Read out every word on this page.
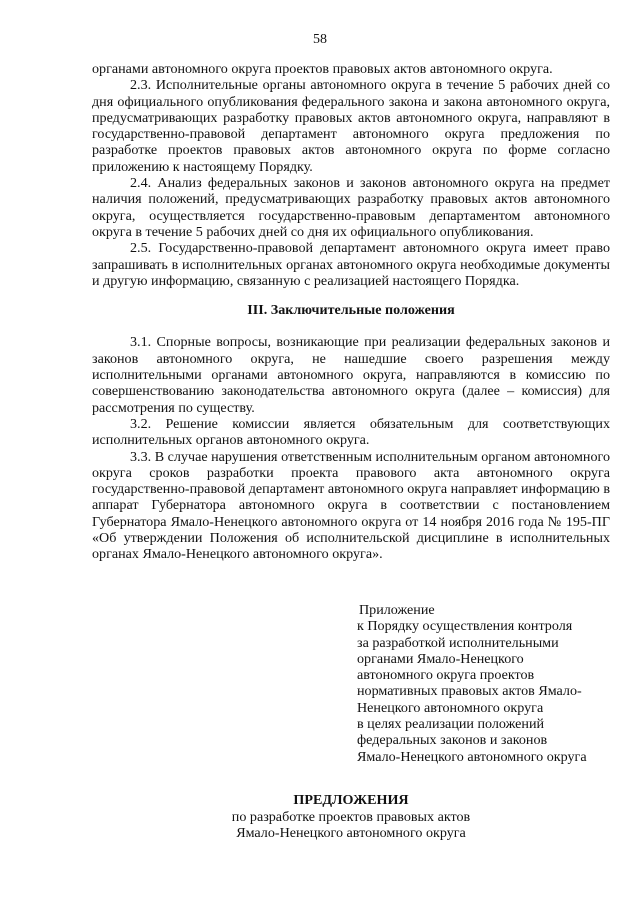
58

органами автономного округа проектов правовых актов автономного округа.

2.3. Исполнительные органы автономного округа в течение 5 рабочих дней со дня официального опубликования федерального закона и закона автономного округа, предусматривающих разработку правовых актов автономного округа, направляют в государственно-правовой департамент автономного округа предложения по разработке проектов правовых актов автономного округа по форме согласно приложению к настоящему Порядку.

2.4. Анализ федеральных законов и законов автономного округа на предмет наличия положений, предусматривающих разработку правовых актов автономного округа, осуществляется государственно-правовым департаментом автономного округа в течение 5 рабочих дней со дня их официального опубликования.

2.5. Государственно-правовой департамент автономного округа имеет право запрашивать в исполнительных органах автономного округа необходимые документы и другую информацию, связанную с реализацией настоящего Порядка.

III. Заключительные положения

3.1. Спорные вопросы, возникающие при реализации федеральных законов и законов автономного округа, не нашедшие своего разрешения между исполнительными органами автономного округа, направляются в комиссию по совершенствованию законодательства автономного округа (далее – комиссия) для рассмотрения по существу.

3.2. Решение комиссии является обязательным для соответствующих исполнительных органов автономного округа.

3.3. В случае нарушения ответственным исполнительным органом автономного округа сроков разработки проекта правового акта автономного округа государственно-правовой департамент автономного округа направляет информацию в аппарат Губернатора автономного округа в соответствии с постановлением Губернатора Ямало-Ненецкого автономного округа от 14 ноября 2016 года № 195-ПГ «Об утверждении Положения об исполнительской дисциплине в исполнительных органах Ямало-Ненецкого автономного округа».

Приложение
к Порядку осуществления контроля
за разработкой исполнительными
органами Ямало-Ненецкого
автономного округа проектов
нормативных правовых актов Ямало-
Ненецкого автономного округа
в целях реализации положений
федеральных законов и законов
Ямало-Ненецкого автономного округа
ПРЕДЛОЖЕНИЯ
по разработке проектов правовых актов
Ямало-Ненецкого автономного округа
